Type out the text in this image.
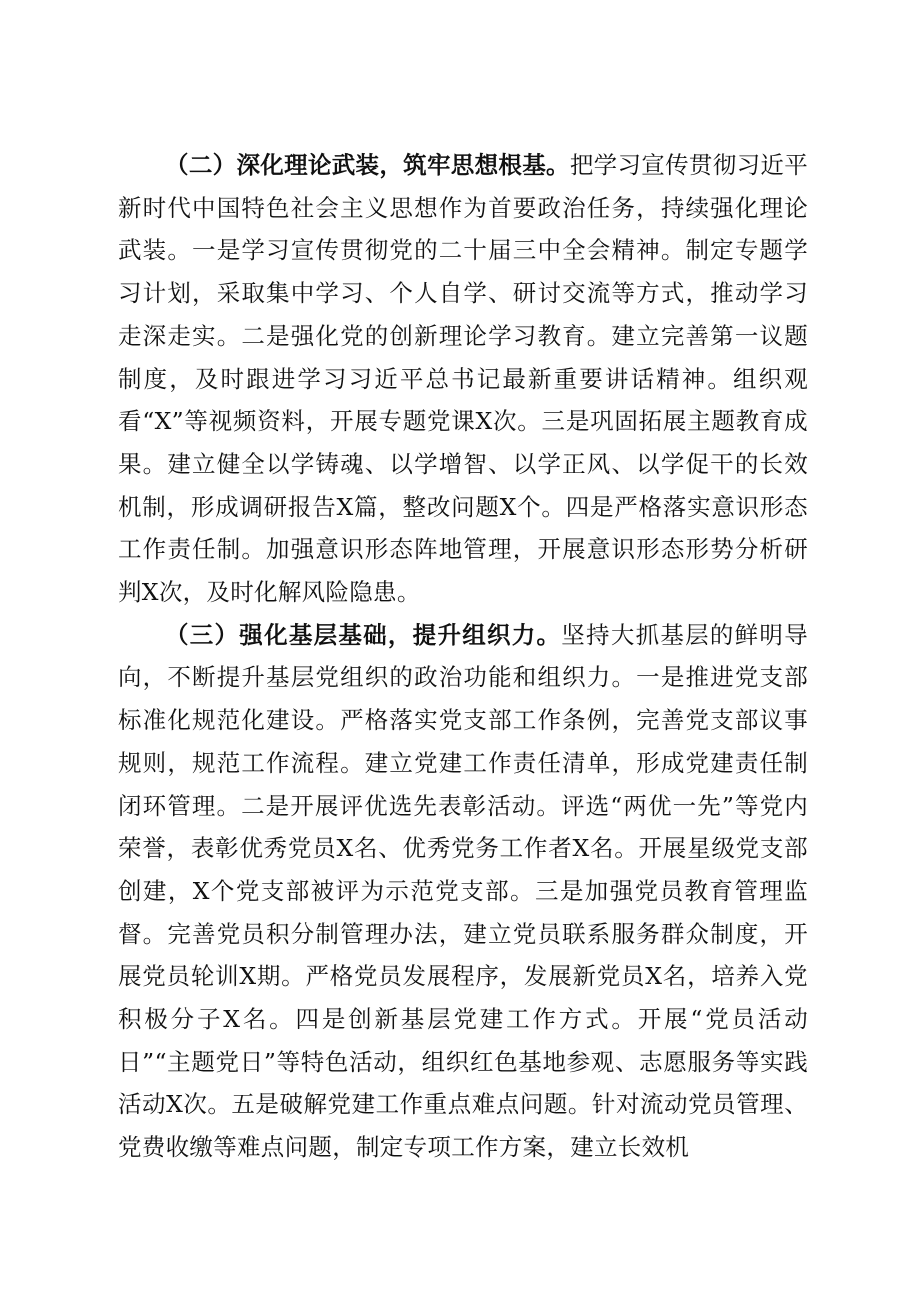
（二）深化理论武装，筑牢思想根基。把学习宣传贯彻习近平新时代中国特色社会主义思想作为首要政治任务，持续强化理论武装。一是学习宣传贯彻党的二十届三中全会精神。制定专题学习计划，采取集中学习、个人自学、研讨交流等方式，推动学习走深走实。二是强化党的创新理论学习教育。建立完善第一议题制度，及时跟进学习习近平总书记最新重要讲话精神。组织观看“X”等视频资料，开展专题党课X次。三是巩固拓展主题教育成果。建立健全以学铸魂、以学增智、以学正风、以学促干的长效机制，形成调研报告X篇，整改问题X个。四是严格落实意识形态工作责任制。加强意识形态阵地管理，开展意识形态形势分析研判X次，及时化解风险隐患。

（三）强化基层基础，提升组织力。坚持大抓基层的鲜明导向，不断提升基层党组织的政治功能和组织力。一是推进党支部标准化规范化建设。严格落实党支部工作条例，完善党支部议事规则，规范工作流程。建立党建工作责任清单，形成党建责任制闭环管理。二是开展评优选先表彰活动。评选“两优一先”等党内荣誉，表彰优秀党员X名、优秀党务工作者X名。开展星级党支部创建，X个党支部被评为示范党支部。三是加强党员教育管理监督。完善党员积分制管理办法，建立党员联系服务群众制度，开展党员轮训X期。严格党员发展程序，发展新党员X名，培养入党积极分子X名。四是创新基层党建工作方式。开展“党员活动日”“主题党日”等特色活动，组织红色基地参观、志愿服务等实践活动X次。五是破解党建工作重点难点问题。针对流动党员管理、党费收缴等难点问题，制定专项工作方案，建立长效机
